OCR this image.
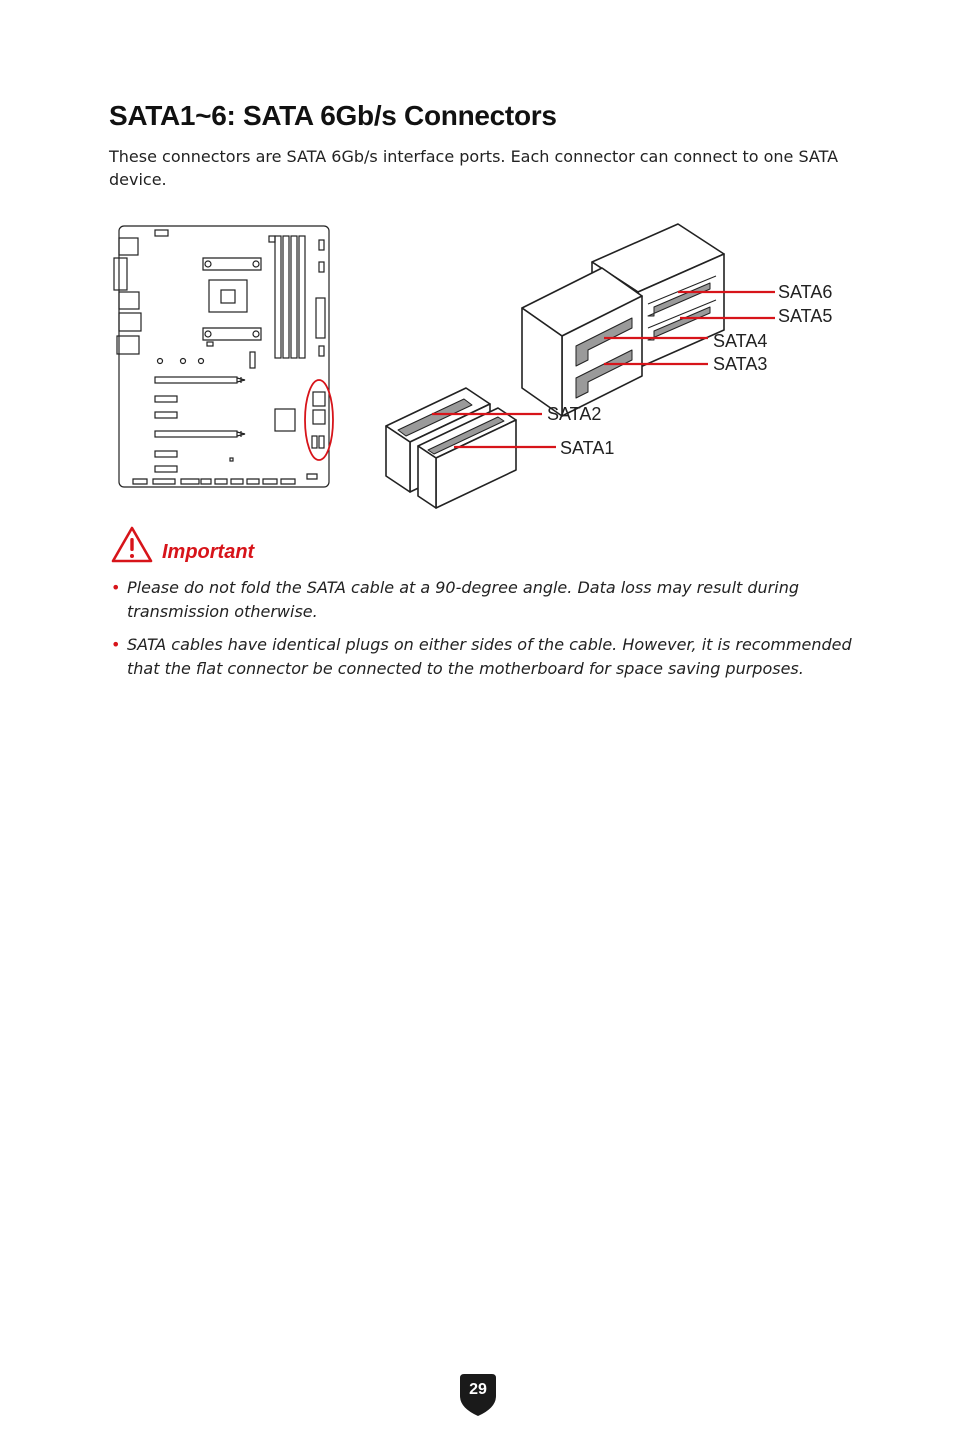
SATA1~6: SATA 6Gb/s Connectors
These connectors are SATA 6Gb/s interface ports. Each connector can connect to one SATA device.
SATA6
SATA5
SATA4
SATA3
SATA2
SATA1
Important
• Please do not fold the SATA cable at a 90-degree angle. Data loss may result during transmission otherwise.
• SATA cables have identical plugs on either sides of the cable. However, it is recommended that the flat connector be connected to the motherboard for space saving purposes.
29
